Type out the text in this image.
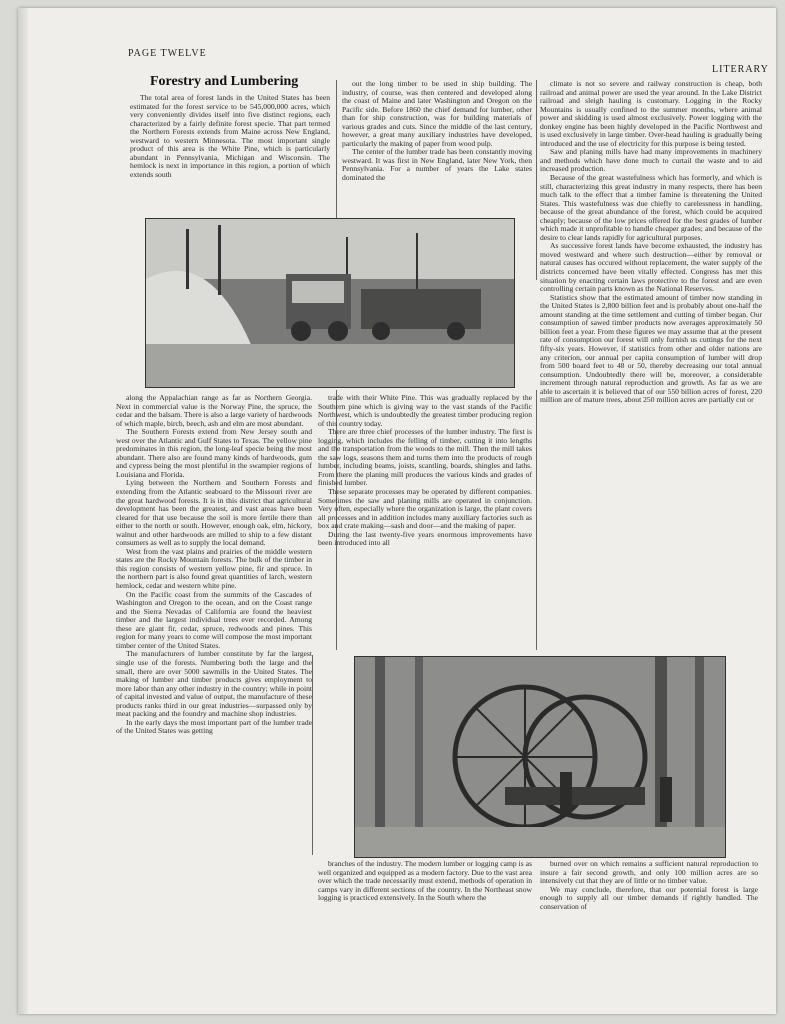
PAGE TWELVE
LITERARY
Forestry and Lumbering

The total area of forest lands in the United States has been estimated for the forest service to be 545,000,000 acres, which very conveniently divides itself into five distinct regions, each characterized by a fairly definite forest specie. That part termed the Northern Forests extends from Maine across New England, westward to western Minnesota. The most important single product of this area is the White Pine, which is particularly abundant in Pennsylvania, Michigan and Wisconsin. The hemlock is next in importance in this region, a portion of which extends south

out the long timber to be used in ship building. The industry, of course, was then centered and developed along the coast of Maine and later Washington and Oregon on the Pacific side. Before 1860 the chief demand for lumber, other than for ship construction, was for building materials of various grades and cuts. Since the middle of the last century, however, a great many auxiliary industries have developed, particularly the making of paper from wood pulp.

The center of the lumber trade has been constantly moving westward. It was first in New England, later New York, then Pennsylvania. For a number of years the Lake states dominated the

climate is not so severe and railway construction is cheap, both railroad and animal power are used the year around. In the Lake District railroad and sleigh hauling is customary. Logging in the Rocky Mountains is usually confined to the summer months, where animal power and skidding is used almost exclusively. Power logging with the donkey engine has been highly developed in the Pacific Northwest and is used exclusively in large timber. Over-head hauling is gradually being introduced and the use of electricity for this purpose is being tested.

Saw and planing mills have had many improvements in machinery and methods which have done much to curtail the waste and to aid increased production.

Because of the great wastefulness which has formerly, and which is still, characterizing this great industry in many respects, there has been much talk to the effect that a timber famine is threatening the United States. This wastefulness was due chiefly to carelessness in handling, because of the great abundance of the forest, which could be acquired cheaply; because of the low prices offered for the best grades of lumber which made it unprofitable to handle cheaper grades; and because of the desire to clear lands rapidly for agricultural purposes.

As successive forest lands have become exhausted, the industry has moved westward and where such destruction—either by removal or natural causes has occured without replacement, the water supply of the districts concerned have been vitally effected. Congress has met this situation by enacting certain laws protective to the forest and are even controlling certain parts known as the National Reserves.

Statistics show that the estimated amount of timber now standing in the United States is 2,800 billion feet and is probably about one-half the amount standing at the time settlement and cutting of timber began. Our consumption of sawed timber products now averages approximately 50 billion feet a year. From these figures we may assume that at the present rate of consumption our forest will only furnish us cuttings for the next fifty-six years. However, if statistics from other and older nations are any criterion, our annual per capita consumption of lumber will drop from 500 board feet to 48 or 50, thereby decreasing our total annual consumption. Undoubtedly there will be, moreover, a considerable increment through natural reproduction and growth. As far as we are able to ascertain it is believed that of our 550 billion acres of forest, 220 million are of mature trees, about 250 million acres are partially cut or

along the Appalachian range as far as Northern Georgia. Next in commercial value is the Norway Pine, the spruce, the cedar and the balsam. There is also a large variety of hardwoods of which maple, birch, beech, ash and elm are most abundant.

The Southern Forests extend from New Jersey south and west over the Atlantic and Gulf States to Texas. The yellow pine predominates in this region, the long-leaf specie being the most abundant. There also are found many kinds of hardwoods, gum and cypress being the most plentiful in the swampier regions of Louisiana and Florida.

Lying between the Northern and Southern Forests and extending from the Atlantic seaboard to the Missouri river are the great hardwood forests. It is in this district that agricultural development has been the greatest, and vast areas have been cleared for that use because the soil is more fertile there than either to the north or south. However, enough oak, elm, hickory, walnut and other hardwoods are milled to ship to a few distant consumers as well as to supply the local demand.

West from the vast plains and prairies of the middle western states are the Rocky Mountain forests. The bulk of the timber in this region consists of western yellow pine, fir and spruce. In the northern part is also found great quantities of larch, western hemlock, cedar and western white pine.

On the Pacific coast from the summits of the Cascades of Washington and Oregon to the ocean, and on the Coast range and the Sierra Nevadas of California are found the heaviest timber and the largest individual trees ever recorded. Among these are giant fir, cedar, spruce, redwoods and pines. This region for many years to come will compose the most important timber center of the United States.

The manufacturers of lumber constitute by far the largest single use of the forests. Numbering both the large and the small, there are over 5000 sawmills in the United States. The making of lumber and timber products gives employment to more labor than any other industry in the country; while in point of capital invested and value of output, the manufacture of these products ranks third in our great industries—surpassed only by meat packing and the foundry and machine shop industries.

In the early days the most important part of the lumber trade of the United States was getting

trade with their White Pine. This was gradually replaced by the Southern pine which is giving way to the vast stands of the Pacific Northwest, which is undoubtedly the greatest timber producing region of this country today.

There are three chief processes of the lumber industry. The first is logging, which includes the felling of timber, cutting it into lengths and the transportation from the woods to the mill. Then the mill takes the saw logs, seasons them and turns them into the products of rough lumber, including beams, joists, scantling, boards, shingles and laths. From there the planing mill produces the various kinds and grades of finished lumber.

These separate processes may be operated by different companies. Sometimes the saw and planing mills are operated in conjunction. Very often, especially where the organization is large, the plant covers all processes and in addition includes many auxiliary factories such as box and crate making—sash and door—and the making of paper.

During the last twenty-five years enormous improvements have been introduced into all

branches of the industry. The modern lumber or logging camp is as well organized and equipped as a modern factory. Due to the vast area over which the trade necessarily must extend, methods of operation in camps vary in different sections of the country. In the Northeast snow logging is practiced extensively. In the South where the

burned over on which remains a sufficient natural reproduction to insure a fair second growth, and only 100 million acres are so intensively cut that they are of little or no timber value.

We may conclude, therefore, that our potential forest is large enough to supply all our timber demands if rightly handled. The conservation of
